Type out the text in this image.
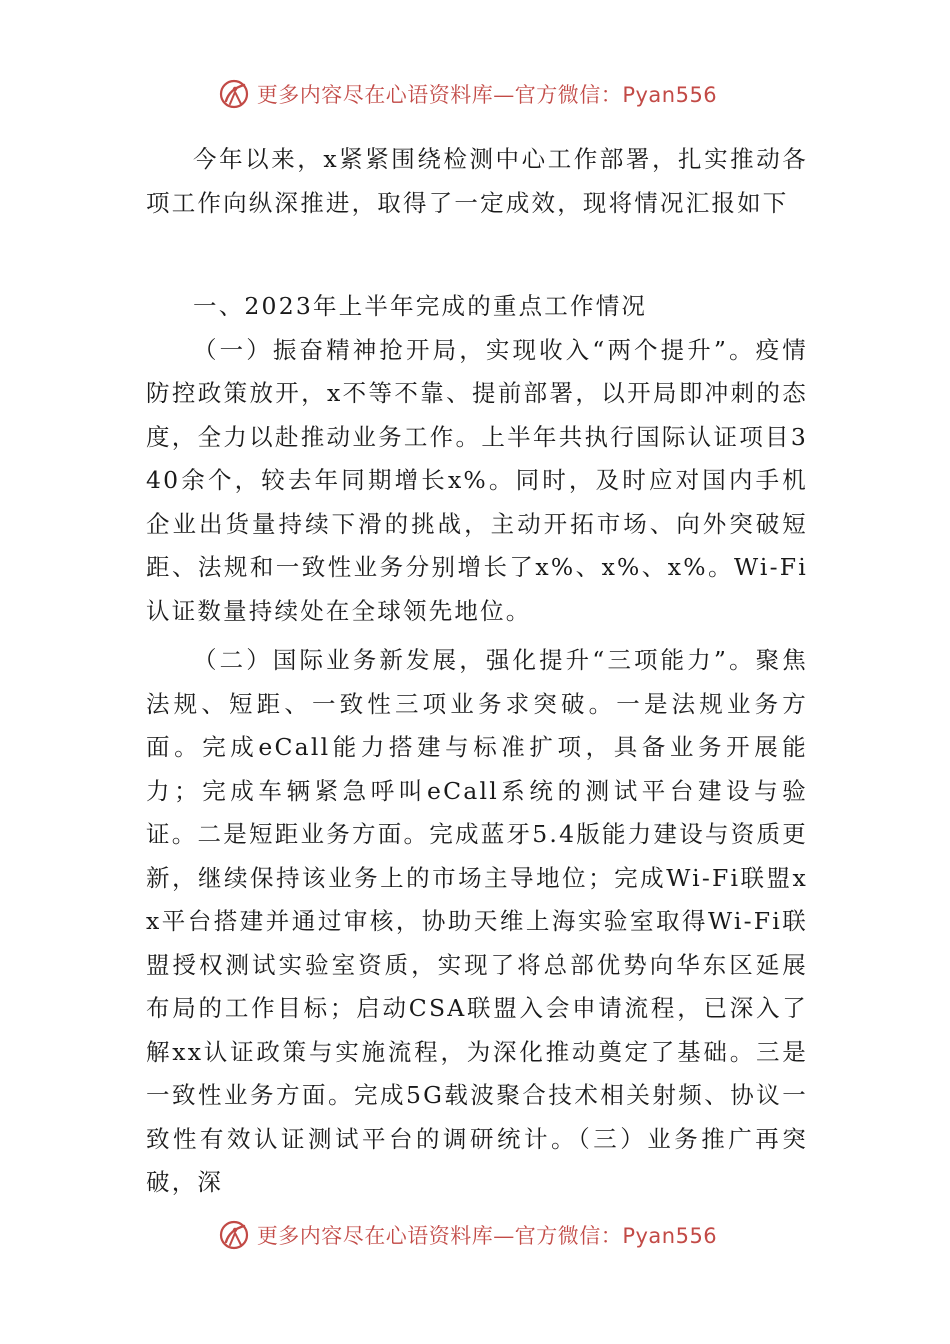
更多内容尽在心语资料库—官方微信：Pyan556

今年以来，x紧紧围绕检测中心工作部署，扎实推动各项工作向纵深推进，取得了一定成效，现将情况汇报如下

一、2023年上半年完成的重点工作情况

（一）振奋精神抢开局，实现收入“两个提升”。疫情防控政策放开，x不等不靠、提前部署，以开局即冲刺的态度，全力以赴推动业务工作。上半年共执行国际认证项目340余个，较去年同期增长x%。同时，及时应对国内手机企业出货量持续下滑的挑战，主动开拓市场、向外突破短距、法规和一致性业务分别增长了x%、x%、x%。Wi-Fi认证数量持续处在全球领先地位。

（二）国际业务新发展，强化提升“三项能力”。聚焦法规、短距、一致性三项业务求突破。一是法规业务方面。完成eCall能力搭建与标准扩项，具备业务开展能力；完成车辆紧急呼叫eCall系统的测试平台建设与验证。二是短距业务方面。完成蓝牙5.4版能力建设与资质更新，继续保持该业务上的市场主导地位；完成Wi-Fi联盟xx平台搭建并通过审核，协助天维上海实验室取得Wi-Fi联盟授权测试实验室资质，实现了将总部优势向华东区延展布局的工作目标；启动CSA联盟入会申请流程，已深入了解xx认证政策与实施流程，为深化推动奠定了基础。三是一致性业务方面。完成5G载波聚合技术相关射频、协议一致性有效认证测试平台的调研统计。（三）业务推广再突破，深

更多内容尽在心语资料库—官方微信：Pyan556
